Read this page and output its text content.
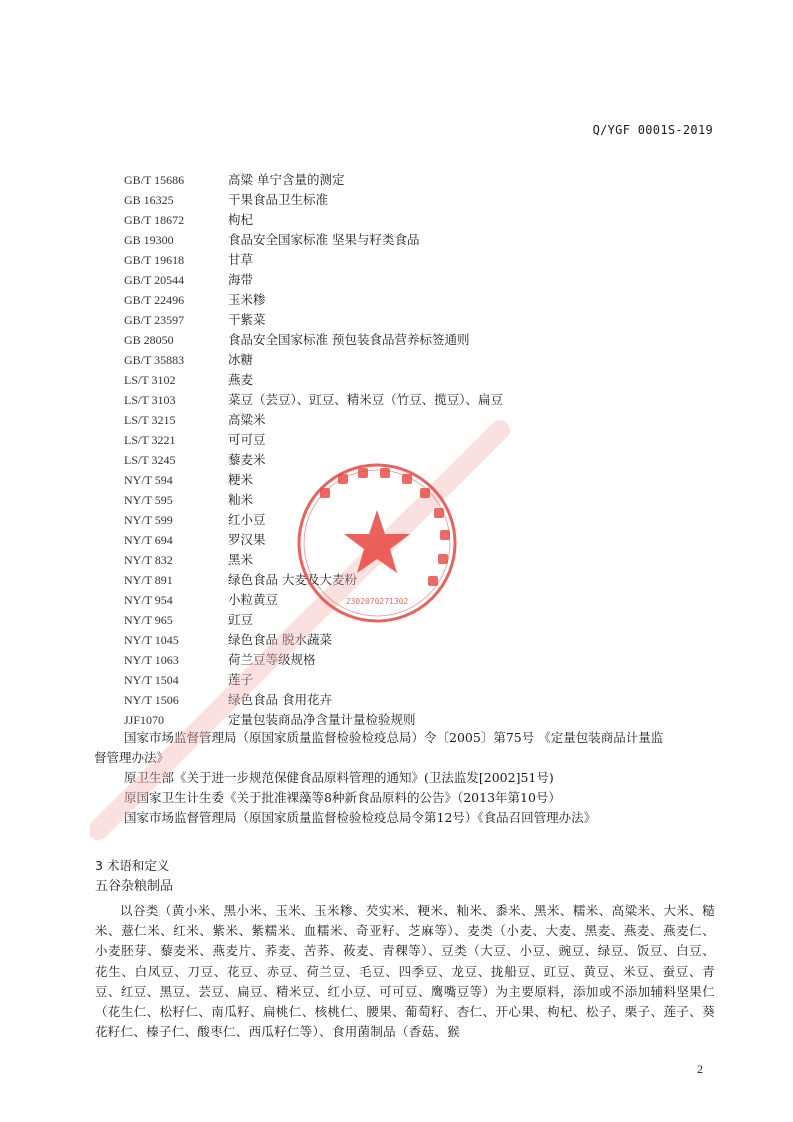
Q/YGF 0001S-2019
GB/T 15686	高粱 单宁含量的测定
GB 16325	干果食品卫生标准
GB/T 18672	枸杞
GB 19300	食品安全国家标准 坚果与籽类食品
GB/T 19618	甘草
GB/T 20544	海带
GB/T 22496	玉米糁
GB/T 23597	干紫菜
GB 28050	食品安全国家标准 预包装食品营养标签通则
GB/T 35883	冰糖
LS/T 3102	燕麦
LS/T 3103	菜豆（芸豆）、豇豆、精米豆（竹豆、揽豆）、扁豆
LS/T 3215	高粱米
LS/T 3221	可可豆
LS/T 3245	藜麦米
NY/T 594	粳米
NY/T 595	籼米
NY/T 599	红小豆
NY/T 694	罗汉果
NY/T 832	黑米
NY/T 891	绿色食品 大麦及大麦粉
NY/T 954	小粒黄豆
NY/T 965	豇豆
NY/T 1045	绿色食品 脱水蔬菜
NY/T 1063	荷兰豆等级规格
NY/T 1504	莲子
NY/T 1506	绿色食品 食用花卉
JJF1070	定量包装商品净含量计量检验规则
国家市场监督管理局（原国家质量监督检验检疫总局）令〔2005〕第75号 《定量包装商品计量监
督管理办法》
原卫生部《关于进一步规范保健食品原料管理的通知》(卫法监发[2002]51号)
原国家卫生计生委《关于批准裸藻等8种新食品原料的公告》（2013年第10号）
国家市场监督管理局（原国家质量监督检验检疫总局令第12号）《食品召回管理办法》
3 术语和定义
五谷杂粮制品
以谷类（黄小米、黑小米、玉米、玉米糁、芡实米、粳米、籼米、黍米、黑米、糯米、高粱米、大米、糙米、薏仁米、红米、紫米、紫糯米、血糯米、奇亚籽、芝麻等）、麦类（小麦、大麦、黑麦、燕麦、燕麦仁、小麦胚芽、藜麦米、燕麦片、荞麦、苦荞、莜麦、青稞等）、豆类（大豆、小豆、豌豆、绿豆、饭豆、白豆、花生、白凤豆、刀豆、花豆、赤豆、荷兰豆、毛豆、四季豆、龙豆、拢船豆、豇豆、黄豆、米豆、蚕豆、青豆、红豆、黑豆、芸豆、扁豆、精米豆、红小豆、可可豆、鹰嘴豆等）为主要原料，添加或不添加辅料坚果仁（花生仁、松籽仁、南瓜籽、扁桃仁、核桃仁、腰果、葡萄籽、杏仁、开心果、枸杞、松子、栗子、莲子、葵花籽仁、榛子仁、酸枣仁、西瓜籽仁等）、食用菌制品（香菇、猴
2302070271302
2
